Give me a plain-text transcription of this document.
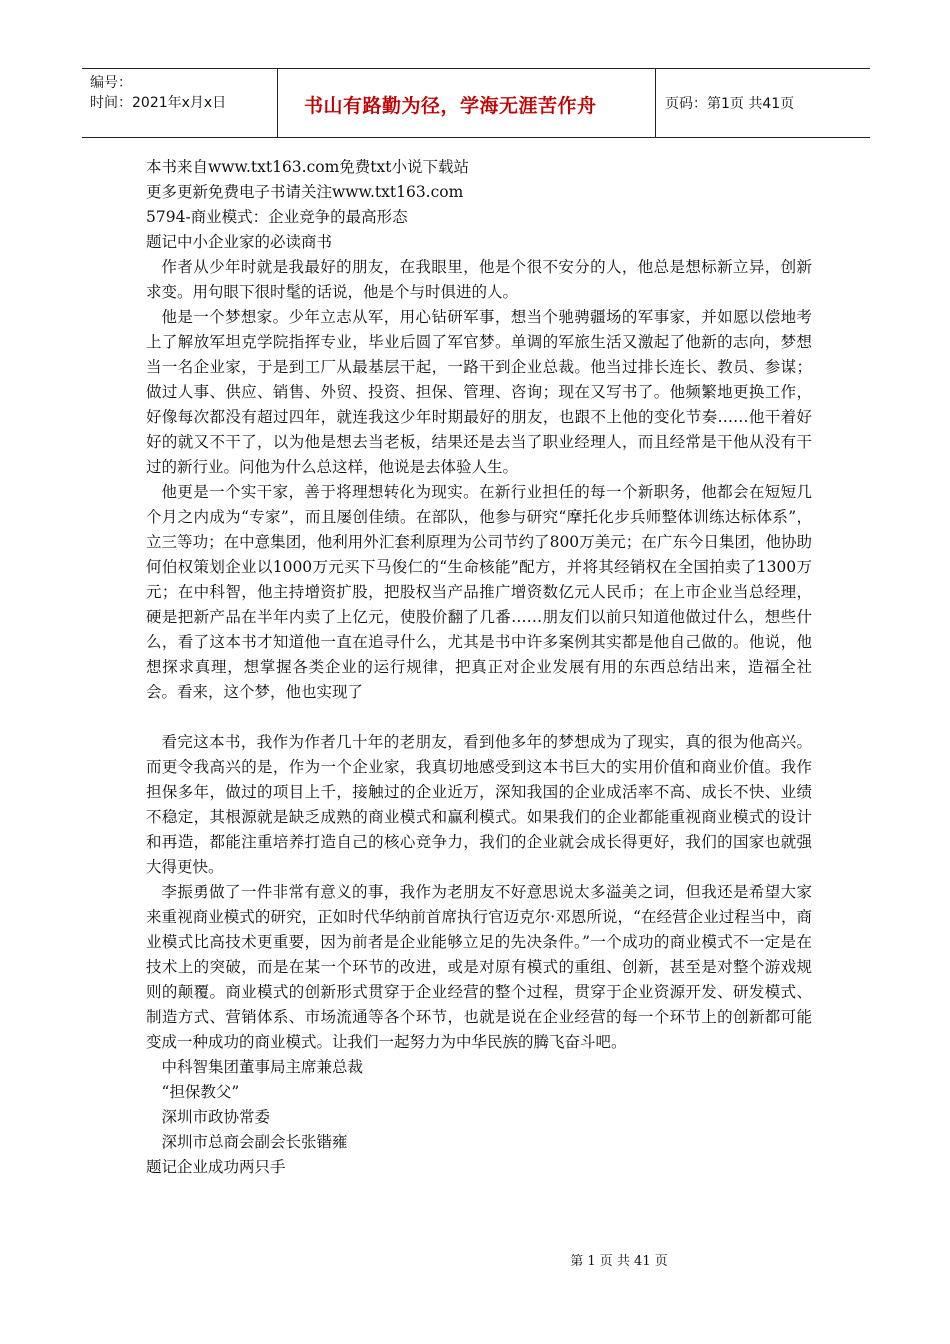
编号：
时间：2021年x月x日	书山有路勤为径，学海无涯苦作舟	页码：第1页 共41页

本书来自www.txt163.com免费txt小说下载站

更多更新免费电子书请关注www.txt163.com

5794-商业模式：企业竞争的最高形态

题记中小企业家的必读商书

作者从少年时就是我最好的朋友，在我眼里，他是个很不安分的人，他总是想标新立异，创新求变。用句眼下很时髦的话说，他是个与时俱进的人。

他是一个梦想家。少年立志从军，用心钻研军事，想当个驰骋疆场的军事家，并如愿以偿地考上了解放军坦克学院指挥专业，毕业后圆了军官梦。单调的军旅生活又激起了他新的志向，梦想当一名企业家，于是到工厂从最基层干起，一路干到企业总裁。他当过排长连长、教员、参谋；做过人事、供应、销售、外贸、投资、担保、管理、咨询；现在又写书了。他频繁地更换工作，好像每次都没有超过四年，就连我这少年时期最好的朋友，也跟不上他的变化节奏……他干着好好的就又不干了，以为他是想去当老板，结果还是去当了职业经理人，而且经常是干他从没有干过的新行业。问他为什么总这样，他说是去体验人生。

他更是一个实干家，善于将理想转化为现实。在新行业担任的每一个新职务，他都会在短短几个月之内成为“专家”，而且屡创佳绩。在部队，他参与研究“摩托化步兵师整体训练达标体系”，立三等功；在中意集团，他利用外汇套利原理为公司节约了800万美元；在广东今日集团，他协助何伯权策划企业以1000万元买下马俊仁的“生命核能”配方，并将其经销权在全国拍卖了1300万元；在中科智，他主持增资扩股，把股权当产品推广增资数亿元人民币；在上市企业当总经理，硬是把新产品在半年内卖了上亿元，使股价翻了几番……朋友们以前只知道他做过什么，想些什么，看了这本书才知道他一直在追寻什么，尤其是书中许多案例其实都是他自己做的。他说，他想探求真理，想掌握各类企业的运行规律，把真正对企业发展有用的东西总结出来，造福全社会。看来，这个梦，他也实现了

看完这本书，我作为作者几十年的老朋友，看到他多年的梦想成为了现实，真的很为他高兴。而更令我高兴的是，作为一个企业家，我真切地感受到这本书巨大的实用价值和商业价值。我作担保多年，做过的项目上千，接触过的企业近万，深知我国的企业成活率不高、成长不快、业绩不稳定，其根源就是缺乏成熟的商业模式和赢利模式。如果我们的企业都能重视商业模式的设计和再造，都能注重培养打造自己的核心竞争力，我们的企业就会成长得更好，我们的国家也就强大得更快。

李振勇做了一件非常有意义的事，我作为老朋友不好意思说太多溢美之词，但我还是希望大家来重视商业模式的研究，正如时代华纳前首席执行官迈克尔·邓恩所说，“在经营企业过程当中，商业模式比高技术更重要，因为前者是企业能够立足的先决条件。”一个成功的商业模式不一定是在技术上的突破，而是在某一个环节的改进，或是对原有模式的重组、创新，甚至是对整个游戏规则的颠覆。商业模式的创新形式贯穿于企业经营的整个过程，贯穿于企业资源开发、研发模式、制造方式、营销体系、市场流通等各个环节，也就是说在企业经营的每一个环节上的创新都可能变成一种成功的商业模式。让我们一起努力为中华民族的腾飞奋斗吧。

中科智集团董事局主席兼总裁

“担保教父”

深圳市政协常委

深圳市总商会副会长张锴雍

题记企业成功两只手

第 1 页 共 41 页
